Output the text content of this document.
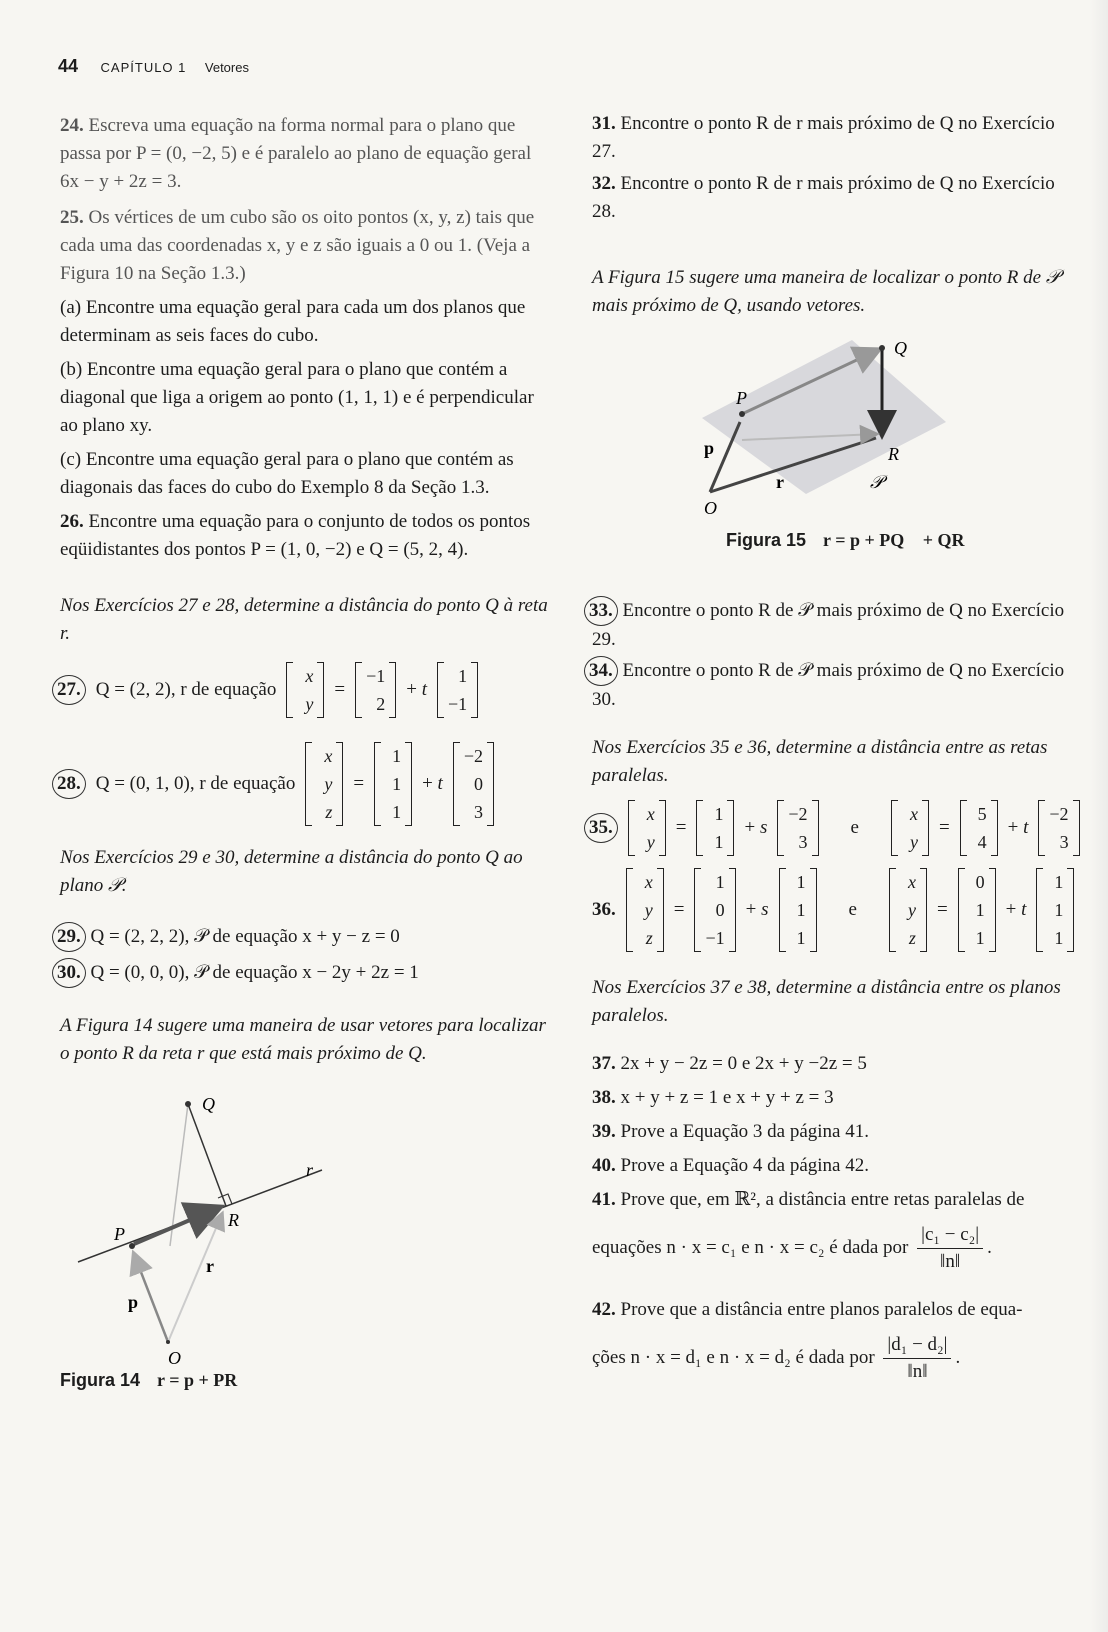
44 CAPÍTULO 1 Vetores
24. Escreva uma equação na forma normal para o plano que passa por P = (0, −2, 5) e é paralelo ao plano de equação geral 6x − y + 2z = 3.
25. Os vértices de um cubo são os oito pontos (x, y, z) tais que cada uma das coordenadas x, y e z são iguais a 0 ou 1. (Veja a Figura 10 na Seção 1.3.)
(a) Encontre uma equação geral para cada um dos planos que determinam as seis faces do cubo.
(b) Encontre uma equação geral para o plano que contém a diagonal que liga a origem ao ponto (1, 1, 1) e é perpendicular ao plano xy.
(c) Encontre uma equação geral para o plano que contém as diagonais das faces do cubo do Exemplo 8 da Seção 1.3.
26. Encontre uma equação para o conjunto de todos os pontos eqüidistantes dos pontos P = (1, 0, −2) e Q = (5, 2, 4).
Nos Exercícios 27 e 28, determine a distância do ponto Q à reta r.
27. Q = (2, 2), r de equação
x
y
=
−1
2
+ t
1
−1
28. Q = (0, 1, 0), r de equação
x
y
z
=
1
1
1
+ t
−2
0
3
Nos Exercícios 29 e 30, determine a distância do ponto Q ao plano 𝒫.
29. Q = (2, 2, 2), 𝒫 de equação x + y − z = 0
30. Q = (0, 0, 0), 𝒫 de equação x − 2y + 2z = 1
A Figura 14 sugere uma maneira de usar vetores para localizar o ponto R da reta r que está mais próximo de Q.
Q
r
R
P
r
p
O
Figura 14 r = p + PR⃗
31. Encontre o ponto R de r mais próximo de Q no Exercício 27.
32. Encontre o ponto R de r mais próximo de Q no Exercício 28.
A Figura 15 sugere uma maneira de localizar o ponto R de 𝒫 mais próximo de Q, usando vetores.
Q
P
p	R
r	𝒫
O
Figura 15 r = p + PQ⃗ + QR⃗
33. Encontre o ponto R de 𝒫 mais próximo de Q no Exercício 29.
34. Encontre o ponto R de 𝒫 mais próximo de Q no Exercício 30.
Nos Exercícios 35 e 36, determine a distância entre as retas paralelas.
35.
x
y
=
1
1
+ s
−2
3
e
x
y
=
5
4
+ t
−2
3
36.
x
y
z
=
1
0
−1
+ s
1
1
1
e
x
y
z
=
0
1
1
+ t
1
1
1
Nos Exercícios 37 e 38, determine a distância entre os planos paralelos.
37. 2x + y − 2z = 0 e 2x + y −2z = 5
38. x + y + z = 1 e x + y + z = 3
39. Prove a Equação 3 da página 41.
40. Prove a Equação 4 da página 42.
41. Prove que, em ℝ², a distância entre retas paralelas de
equações n · x = c₁ e n · x = c₂ é dada por $\frac{\text{|c₁ − c₂|}}{‖n‖}$ .
42. Prove que a distância entre planos paralelos de equa-
ções n · x = d₁ e n · x = d₂ é dada por $\frac{\text{|d₁ − d₂|}}{‖n‖}$ .
